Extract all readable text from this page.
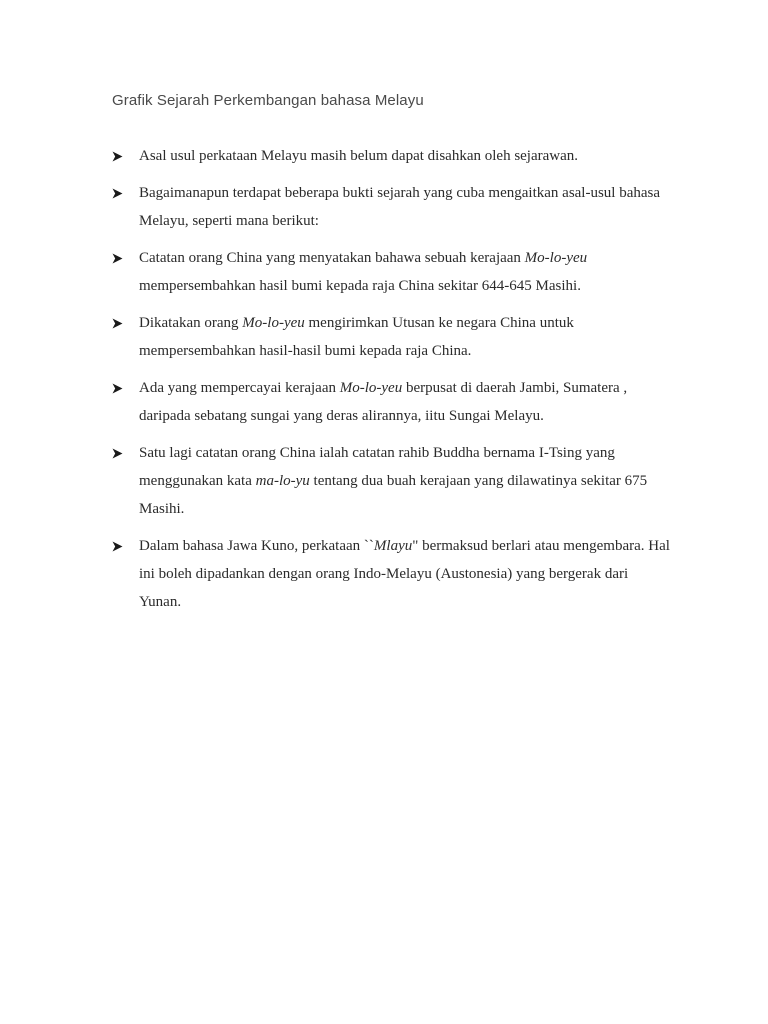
Grafik Sejarah Perkembangan bahasa Melayu
Asal usul perkataan Melayu masih belum dapat disahkan oleh sejarawan.
Bagaimanapun terdapat beberapa bukti sejarah yang cuba mengaitkan asal-usul bahasa Melayu, seperti mana berikut:
Catatan orang China yang menyatakan bahawa sebuah kerajaan Mo-lo-yeu mempersembahkan hasil bumi kepada raja China sekitar 644-645 Masihi.
Dikatakan orang Mo-lo-yeu mengirimkan Utusan ke negara China untuk mempersembahkan hasil-hasil bumi kepada raja China.
Ada yang mempercayai kerajaan Mo-lo-yeu berpusat di daerah Jambi, Sumatera , daripada sebatang sungai yang deras alirannya, iitu Sungai Melayu.
Satu lagi catatan orang China ialah catatan rahib Buddha bernama I-Tsing yang menggunakan kata ma-lo-yu tentang dua buah kerajaan yang dilawatinya sekitar 675 Masihi.
Dalam bahasa Jawa Kuno, perkataan ``Mlayu" bermaksud berlari atau mengembara. Hal ini boleh dipadankan dengan orang Indo-Melayu (Austonesia) yang bergerak dari Yunan.
